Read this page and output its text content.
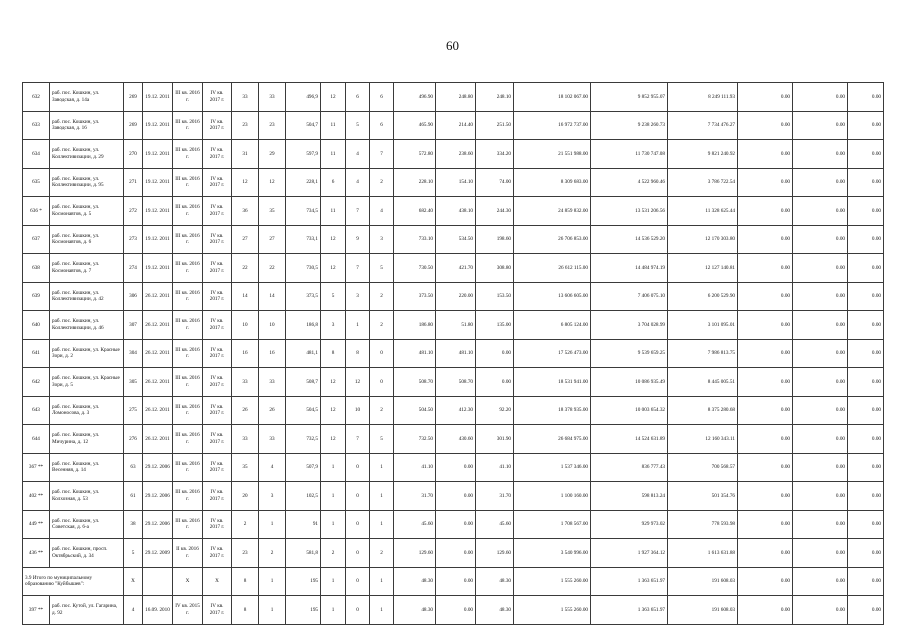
60
632	раб. пос. Кошкин, ул. Заводская, д. 14а	269	19.12. 2011	III кв. 2016 г.	IV кв. 2017 г.	33	33	496,9	12	6	6	496.90	248.80	248.10	18 102 067.00	9 852 955.07	8 249 111.93	0.00	0.00	0.00
633	раб. пос. Кошкин, ул. Заводская, д. 16	269	19.12. 2011	III кв. 2016 г.	IV кв. 2017 г.	23	23	504,7	11	5	6	465.90	214.40	251.50	16 972 737.00	9 238 260.73	7 734 476.27	0.00	0.00	0.00
634	раб. пос. Кошкин, ул. Коллективизации, д. 29	270	19.12. 2011	III кв. 2016 г.	IV кв. 2017 г.	31	29	597,9	11	4	7	572.80	238.60	334.20	21 551 988.00	11 730 747.08	9 821 240.92	0.00	0.00	0.00
635	раб. пос. Кошкин, ул. Коллективизации, д. 95	271	19.12. 2011	III кв. 2016 г.	IV кв. 2017 г.	12	12	228,1	6	4	2	228.10	154.10	74.00	8 309 683.00	4 522 960.46	3 786 722.54	0.00	0.00	0.00
636 *	раб. пос. Кошкин, ул. Космонавтов, д. 5	272	19.12. 2011	III кв. 2016 г.	IV кв. 2017 г.	36	35	734,5	11	7	4	682.40	438.10	244.30	24 859 832.00	13 531 206.56	11 328 625.44	0.00	0.00	0.00
637	раб. пос. Кошкин, ул. Космонавтов, д. 6	273	19.12. 2011	III кв. 2016 г.	IV кв. 2017 г.	27	27	733,1	12	9	3	733.10	534.50	198.60	26 706 853.00	14 536 529.20	12 170 303.80	0.00	0.00	0.00
638	раб. пос. Кошкин, ул. Космонавтов, д. 7	274	19.12. 2011	III кв. 2016 г.	IV кв. 2017 г.	22	22	730,5	12	7	5	730.50	421.70	308.80	26 612 115.00	14 484 974.19	12 127 140.81	0.00	0.00	0.00
639	раб. пос. Кошкин, ул. Коллективизации, д. 42	306	26.12. 2011	III кв. 2016 г.	IV кв. 2017 г.	14	14	373,5	5	3	2	373.50	220.00	153.50	13 606 605.00	7 406 075.10	6 200 529.90	0.00	0.00	0.00
640	раб. пос. Кошкин, ул. Коллективизации, д. 46	307	26.12. 2011	III кв. 2016 г.	IV кв. 2017 г.	10	10	186,8	3	1	2	186.80	51.80	135.00	6 805 124.00	3 704 028.99	3 101 095.01	0.00	0.00	0.00
641	раб. пос. Кошкин, ул. Красные Зори, д. 2	304	26.12. 2011	III кв. 2016 г.	IV кв. 2017 г.	16	16	481,1	8	8	0	481.10	481.10	0.00	17 526 473.00	9 539 659.25	7 986 813.75	0.00	0.00	0.00
642	раб. пос. Кошкин, ул. Красные Зори, д. 5	305	26.12. 2011	III кв. 2016 г.	IV кв. 2017 г.	33	33	508,7	12	12	0	508.70	508.70	0.00	18 531 941.00	10 086 935.49	8 445 005.51	0.00	0.00	0.00
643	раб. пос. Кошкин, ул. Ломоносова, д. 3	275	26.12. 2011	III кв. 2016 г.	IV кв. 2017 г.	26	26	504,5	12	10	2	504.50	412.30	92.20	18 378 935.00	10 003 654.32	8 375 280.68	0.00	0.00	0.00
644	раб. пос. Кошкин, ул. Мичурина, д. 12	276	26.12. 2011	III кв. 2016 г.	IV кв. 2017 г.	33	33	732,5	12	7	5	732.50	430.60	301.90	26 684 975.00	14 524 631.89	12 160 343.11	0.00	0.00	0.00
367 **	раб. пос. Кошкин, ул. Весенняя, д. 14	63	29.12. 2006	III кв. 2016 г.	IV кв. 2017 г.	35	4	507,9	1	0	1	41.10	0.00	41.10	1 537 346.00	836 777.43	700 568.57	0.00	0.00	0.00
402 **	раб. пос. Кошкин, ул. Колхозная, д. 53	61	29.12. 2006	III кв. 2016 г.	IV кв. 2017 г.	20	3	102,5	1	0	1	31.70	0.00	31.70	1 100 160.00	598 813.24	501 354.76	0.00	0.00	0.00
449 **	раб. пос. Кошкин, ул. Советская, д. 6-а	38	29.12. 2006	III кв. 2016 г.	IV кв. 2017 г.	2	1	91	1	0	1	45.60	0.00	45.60	1 708 567.00	929 973.02	778 593.98	0.00	0.00	0.00
436 **	раб. пос. Кошкин, просп. Октябрьский, д. 34	5	29.12. 2009	II кв. 2016 г.	IV кв. 2017 г.	23	2	581,8	2	0	2	129.60	0.00	129.60	3 540 996.00	1 927 364.12	1 613 631.88	0.00	0.00	0.00
3.9 Итого по муниципальному образованию "Куйбышев":		X		X	X	8	1	195	1	0	1	48.30	0.00	48.30	1 555 260.00	1 363 651.97	191 608.03	0.00	0.00	0.00
397 **	раб. пос. Кутой, ул. Гагарина, д. 92	4	16.09. 2010	IV кв. 2015 г.	IV кв. 2017 г.	8	1	195	1	0	1	48.30	0.00	48.30	1 555 260.00	1 363 651.97	191 608.03	0.00	0.00	0.00
